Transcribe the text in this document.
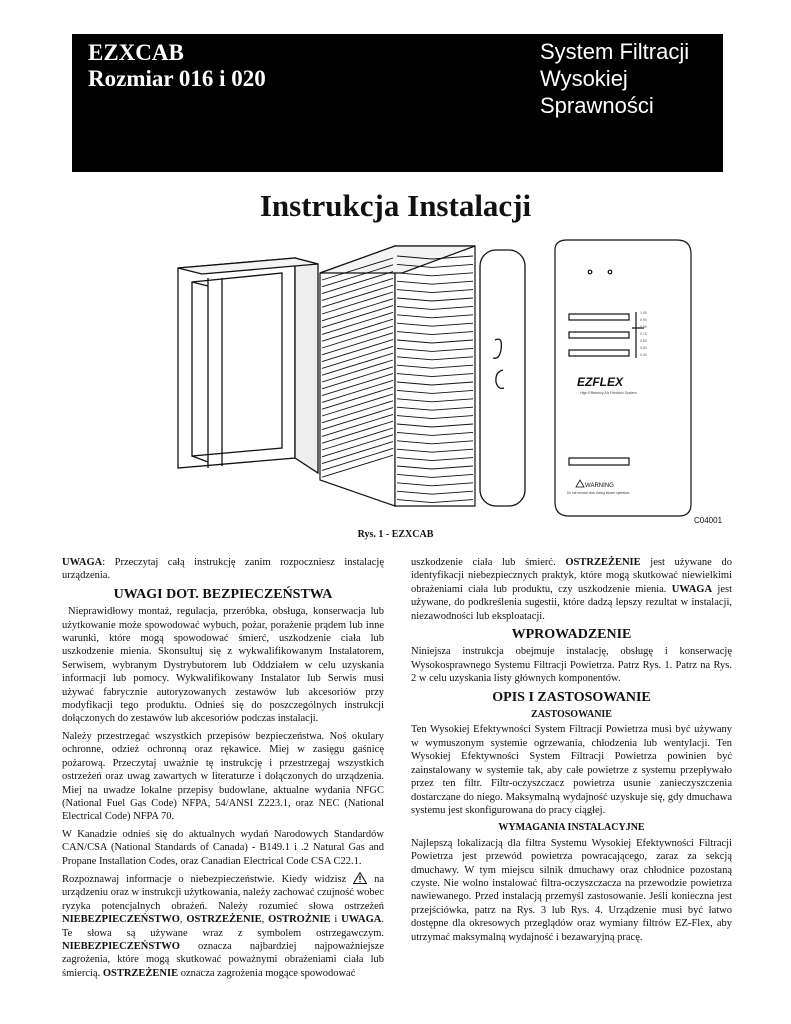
EZXCAB
Rozmiar 016 i 020
System Filtracji
Wysokiej
Sprawności
Instrukcja Instalacji
1.00
0.90
0.80
0.70
0.60
0.50
0.40
EZFLEX
High Efficiency Air Filtration System
WARNING
Do not remove door during blower operation
C04001
Rys. 1 - EZXCAB

UWAGA: Przeczytaj całą instrukcję zanim rozpoczniesz instalację urządzenia.

UWAGI DOT. BEZPIECZEŃSTWA

Nieprawidłowy montaż, regulacja, przeróbka, obsługa, konserwacja lub użytkowanie może spowodować wybuch, pożar, porażenie prądem lub inne warunki, które mogą spowodować śmierć, uszkodzenie ciała lub uszkodzenie mienia. Skonsultuj się z wykwalifikowanym Instalatorem, Serwisem, wybranym Dystrybutorem lub Oddziałem w celu uzyskania informacji lub pomocy. Wykwalifikowany Instalator lub Serwis musi używać fabrycznie autoryzowanych zestawów lub akcesoriów przy modyfikacji tego produktu. Odnieś się do poszczególnych instrukcji dołączonych do zestawów lub akcesoriów podczas instalacji.

Należy przestrzegać wszystkich przepisów bezpieczeństwa. Noś okulary ochronne, odzież ochronną oraz rękawice. Miej w zasięgu gaśnicę pożarową. Przeczytaj uważnie tę instrukcję i przestrzegaj wszystkich ostrzeżeń oraz uwag zawartych w literaturze i dołączonych do urządzenia. Miej na uwadze lokalne przepisy budowlane, aktualne wydania NFGC (National Fuel Gas Code) NFPA, 54/ANSI Z223.1, oraz NEC (National Electrical Code) NFPA 70.

W Kanadzie odnieś się do aktualnych wydań Narodowych Standardów CAN/CSA (National Standards of Canada) - B149.1 i .2 Natural Gas and Propane Installation Codes, oraz Canadian Electrical Code CSA C22.1.

Rozpoznawaj informacje o niebezpieczeństwie. Kiedy widzisz  na urządzeniu oraz w instrukcji użytkowania, należy zachować czujność wobec ryzyka potencjalnych obrażeń. Należy rozumieć słowa ostrzeżeń NIEBEZPIECZEŃSTWO, OSTRZEŻENIE, OSTROŻNIE i UWAGA. Te słowa są używane wraz z symbolem ostrzegawczym. NIEBEZPIECZEŃSTWO oznacza najbardziej najpoważniejsze zagrożenia, które mogą skutkować poważnymi obrażeniami ciała lub śmiercią. OSTRZEŻENIE oznacza zagrożenia mogące spowodować

uszkodzenie ciała lub śmierć. OSTRZEŻENIE jest używane do identyfikacji niebezpiecznych praktyk, które mogą skutkować niewielkimi obrażeniami ciała lub produktu, czy uszkodzenie mienia. UWAGA jest używane, do podkreślenia sugestii, które dadzą lepszy rezultat w instalacji, niezawodności lub eksploatacji.

WPROWADZENIE

Niniejsza instrukcja obejmuje instalację, obsługę i konserwację Wysokosprawnego Systemu Filtracji Powietrza. Patrz Rys. 1. Patrz na Rys. 2 w celu uzyskania listy głównych komponentów.

OPIS I ZASTOSOWANIE
ZASTOSOWANIE

Ten Wysokiej Efektywności System Filtracji Powietrza musi być używany w wymuszonym systemie ogrzewania, chłodzenia lub wentylacji. Ten Wysokiej Efektywności System Filtracji Powietrza powinien być zainstalowany w systemie tak, aby całe powietrze z systemu przepływało przez ten filtr. Filtr-oczyszczacz powietrza usunie zanieczyszczenia dostarczane do niego. Maksymalną wydajność uzyskuje się, gdy dmuchawa systemu jest skonfigurowana do pracy ciągłej.

WYMAGANIA INSTALACYJNE

Najlepszą lokalizacją dla filtra Systemu Wysokiej Efektywności Filtracji Powietrza jest przewód powietrza powracającego, zaraz za sekcją dmuchawy. W tym miejscu silnik dmuchawy oraz chłodnice pozostaną czyste. Nie wolno instalować filtra-oczyszczacza na przewodzie powietrza nawiewanego. Przed instalacją przemyśl zastosowanie. Jeśli konieczna jest przejściówka, patrz na Rys. 3 lub Rys. 4. Urządzenie musi być łatwo dostępne dla okresowych przeglądów oraz wymiany filtrów EZ-Flex, aby utrzymać maksymalną wydajność i bezawaryjną pracę.
